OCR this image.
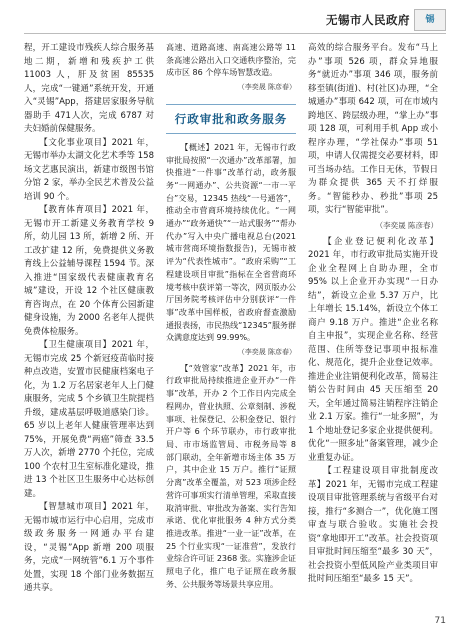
无锡市人民政府	锡
程，开工建设市残疾人综合服务基地二期，新增和残疾护工供 11003 人，肝及贫困 85535 人，完成“一键通”系统开发，开通入“灵锡”App，搭建居家服务导航器助手 471人次，完成 6787 对夫妇婚前保健服务。
【文化事业项目】2021 年，无锡市举办太湖文化艺术季等 158 场文艺惠民演出，新建市级图书馆分馆 2 家，举办全民艺术普及公益培训 90 个。
【教育体育项目】2021 年，无锡市开工新建义务教育学校 9 所，幼儿园 13 所，新增 2 所、开工改扩建 12 所，免费提供义务教育线上公益辅导课程 1594 节。深入推进“国家级代表健康教育名城”建设，开设 12 个社区健康教育咨询点，在 20 个体育公园新建健身设施，为 2000 名老年人提供免费体检服务。
【卫生健康项目】2021 年，无锡市完成 25 个新冠疫苗临时接种点改造，安置市民健康档案电子化，为 1.2 万名居家老年人上门健康服务，完成 5 个乡镇卫生院提档升级，建成基层呼吸道感染门诊。65 岁以上老年人健康管理率达到 75%，开展免费“两癌”筛查 33.5 万人次，新增 2770 个托位，完成 100 个农村卫生室标准化建设，推进 13 个社区卫生服务中心达标创建。
【智慧城市项目】2021 年，无锡市城市运行中心启用，完成市级政务服务一网通办平台建设，“灵锡”App 新增 200 项服务，完成“一网统管”6.1 万个事件处置，实现 18 个部门业务数据互通共享。
高速、道路高速、南高速公路等 11 条高速公路出入口交通秩序整治，完成市区 86 个停车场智慧改造。
（李奕晟 陈彦春）
行政审批和政务服务
【概述】2021 年，无锡市行政审批局按照“一次通办”改革部署，加快推进“一件事”改革行动，政务服务“一网通办”、公共资源“一市一平台”交易，12345 热线“一号通答”，推动全市营商环境持续优化。“一网通办”“政务通快”“一站式服务”“帮办代办”写入中央广播电视总台(2021 城市营商环境指数报告)，无锡市被评为“代表性城市”。“政府采购”“工程建设项目审批”指标在全省营商环境考核中获评第一等次，网页版办公厅国务院考核评估中分别获评“一件事”改革中国样板，省政府督查激励通报表扬，市民热线“12345”服务群众满意度达到 99.99%。
（李奕晟 陈彦春）
【“效管家”改革】2021 年，市行政审批局持续推进企业开办“一件事”改革，开办 2 个工作日内完成全程网办，营业执照、公章刻制、涉税事项、社保登记、公积金登记、银行开户等 6 个环节联办，市行政审批局、市市场监管局、市税务局等 8 部门联动，全年新增市场主体 35 万户，其中企业 15 万户。推行“证照分离”改革全覆盖，对 523 项涉企经营许可事项实行清单管理，采取直接取消审批、审批改为备案、实行告知承诺、优化审批服务 4 种方式分类推进改革。推进“一业一证”改革，在 25 个行业实现“一证准营”，发放行业综合许可证 2368 张。实施涉企证照电子化，推广电子证照在政务服务、公共服务等场景共享应用。
高效的综合服务平台。发布“马上办”事项 526 项，群众异地服务“就近办”事项 346 项，服务前移至镇(街道)、村(社区)办理，“全城通办”事项 642 项，可在市域内跨地区、跨层级办理，“掌上办”事项 128 项，可利用手机 App 或小程序办理，“学社保办”事项 51 项，申请人仅需提交必要材料，即可当场办结。工作日无休，节假日为群众提供 365 天不打烊服务。“智能秒办、秒批”事项 25 项，实行“智能审批”。
（李奕晟 陈彦春）
【企业登记便利化改革】2021 年，市行政审批局实施开设企业全程网上自助办理，全市 95% 以上企业开办实现“一日办结”，新设立企业 5.37 万户，比上年增长 15.14%，新设立个体工商户 9.18 万户。推进“企业名称自主申报”，实现企业名称、经营范围、住所等登记事项申报标准化、规范化，提升企业登记效率。推进企业注销便利化改革，简易注销公告时间由 45 天压缩至 20 天，全年通过简易注销程序注销企业 2.1 万家。推行“一址多照”，为 1 个地址登记多家企业提供便利。优化“一照多址”备案管理，减少企业重复办证。
【工程建设项目审批制度改革】2021 年，无锡市完成工程建设项目审批管理系统与省级平台对接，推行“多测合一”，优化施工图审查与联合验收。实施社会投资“拿地即开工”改革。社会投资项目审批时间压缩至“最多 30 天”，社会投资小型低风险产业类项目审批时间压缩至“最多 15 天”。
71
